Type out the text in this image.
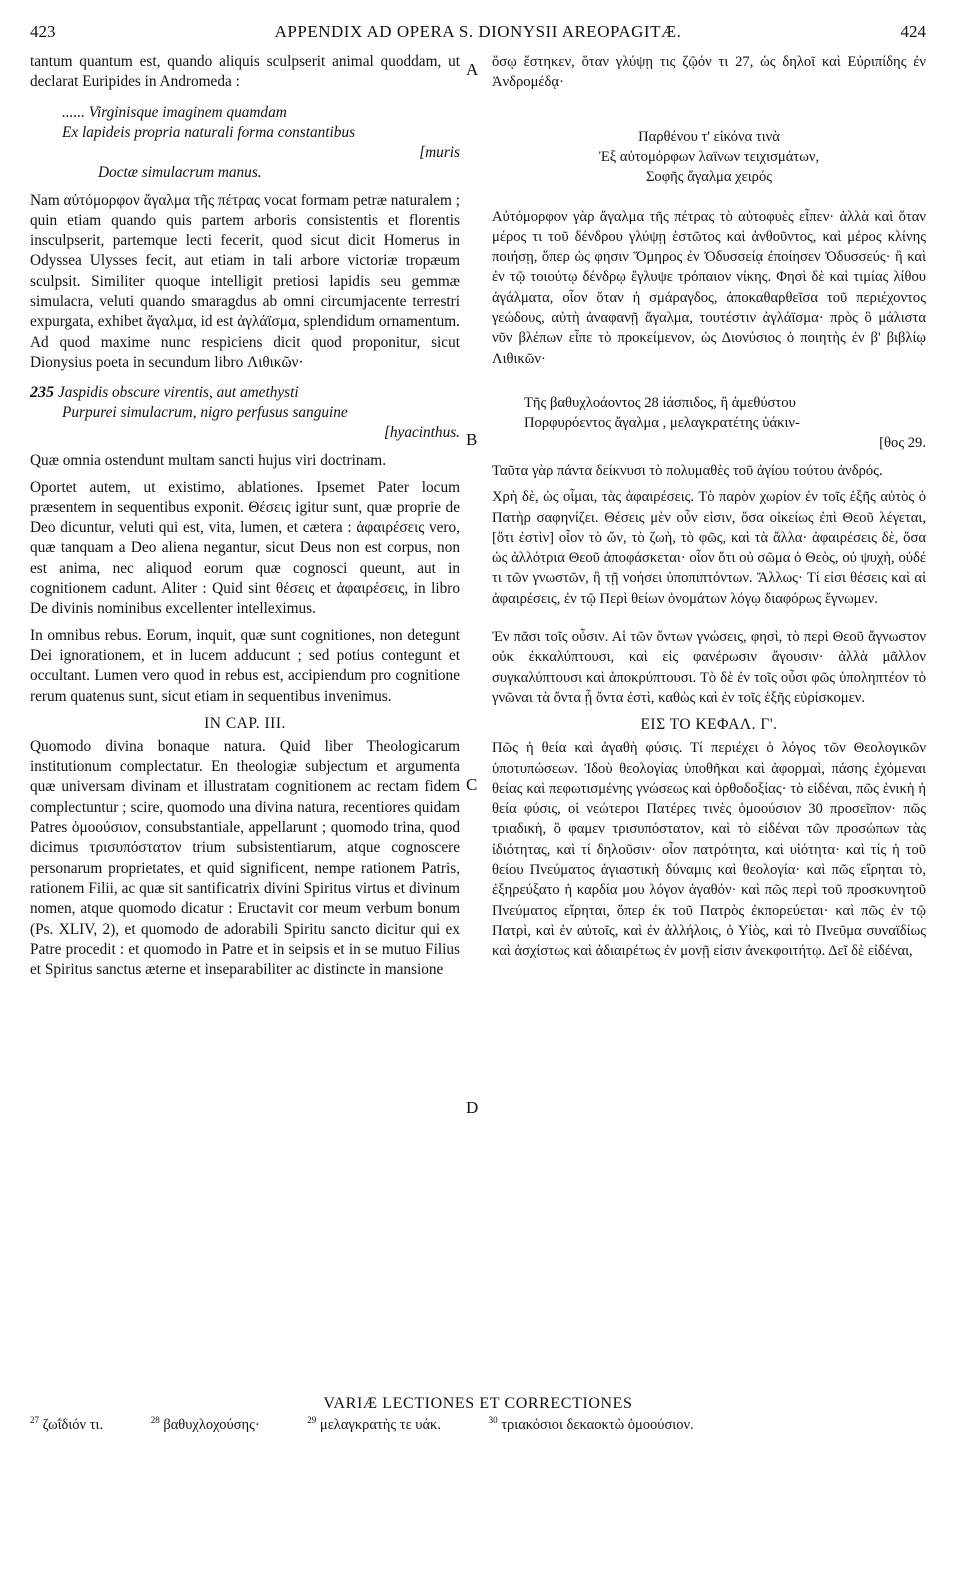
423	APPENDIX AD OPERA S. DIONYSII AREOPAGITÆ.	424
A
B
C
D

tantum quantum est, quando aliquis sculpserit animal quoddam, ut declarat Euripides in Andromeda :

...... Virginisque imaginem quamdam
Ex lapideis propria naturali forma constantibus
[muris
Doctæ simulacrum manus.

Nam αὐτόμορφον ἄγαλμα τῆς πέτρας vocat formam petræ naturalem ; quin etiam quando quis partem arboris consistentis et florentis insculpserit, partemque lecti fecerit, quod sicut dicit Homerus in Odyssea Ulysses fecit, aut etiam in tali arbore victoriæ tropæum sculpsit. Similiter quoque intelligit pretiosi lapidis seu gemmæ simulacra, veluti quando smaragdus ab omni circumjacente terrestri expurgata, exhibet ἄγαλμα, id est ἀγλάϊσμα, splendidum ornamentum. Ad quod maxime nunc respiciens dicit quod proponitur, sicut Dionysius poeta in secundum libro Λιθικῶν·

235 Jaspidis obscure virentis, aut amethysti
Purpurei simulacrum, nigro perfusus sanguine
[hyacinthus.

Quæ omnia ostendunt multam sancti hujus viri doctrinam.

Oportet autem, ut existimo, ablationes. Ipsemet Pater locum præsentem in sequentibus exponit. Θέσεις igitur sunt, quæ proprie de Deo dicuntur, veluti qui est, vita, lumen, et cætera : ἀφαιρέσεις vero, quæ tanquam a Deo aliena negantur, sicut Deus non est corpus, non est anima, nec aliquod eorum quæ cognosci queunt, aut in cognitionem cadunt. Aliter : Quid sint θέσεις et ἀφαιρέσεις, in libro De divinis nominibus excellenter intelleximus.

In omnibus rebus. Eorum, inquit, quæ sunt cognitiones, non detegunt Dei ignorationem, et in lucem adducunt ; sed potius contegunt et occultant. Lumen vero quod in rebus est, accipiendum pro cognitione rerum quatenus sunt, sicut etiam in sequentibus invenimus.

IN CAP. III.

Quomodo divina bonaque natura. Quid liber Theologicarum institutionum complectatur. En theologiæ subjectum et argumenta quæ universam divinam et illustratam cognitionem ac rectam fidem complectuntur ; scire, quomodo una divina natura, recentiores quidam Patres ὁμοούσιον, consubstantiale, appellarunt ; quomodo trina, quod dicimus τρισυπόστατον trium subsistentiarum, atque cognoscere personarum proprietates, et quid significent, nempe rationem Patris, rationem Filii, ac quæ sit santificatrix divini Spiritus virtus et divinum nomen, atque quomodo dicatur : Eructavit cor meum verbum bonum (Ps. XLIV, 2), et quomodo de adorabili Spiritu sancto dicitur qui ex Patre procedit : et quomodo in Patre et in seipsis et in se mutuo Filius et Spiritus sanctus æterne et inseparabiliter ac distincte in mansione

ὅσῳ ἕστηκεν, ὅταν γλύψῃ τις ζῷόν τι 27, ὡς δηλοῖ καὶ Εὐριπίδης ἐν Ἀνδρομέδᾳ·

Παρθένου τ' εἰκόνα τινὰ
Ἐξ αὐτομόρφων λαϊνων τειχισμάτων,
Σοφῆς ἄγαλμα χειρός

Αὐτόμορφον γὰρ ἄγαλμα τῆς πέτρας τὸ αὐτοφυὲς εἶπεν· ἀλλὰ καὶ ὅταν μέρος τι τοῦ δένδρου γλύψῃ ἑστῶτος καὶ ἀνθοῦντος, καὶ μέρος κλίνης ποιήσῃ, ὅπερ ὡς φησιν Ὅμηρος ἐν Ὀδυσσείᾳ ἐποίησεν Ὀδυσσεύς· ἢ καὶ ἐν τῷ τοιούτῳ δένδρῳ ἔγλυψε τρόπαιον νίκης. Φησὶ δὲ καὶ τιμίας λίθου ἀγάλματα, οἷον ὅταν ἡ σμάραγδος, ἀποκαθαρθεῖσα τοῦ περιέχοντος γεώδους, αὐτὴ ἀναφανῇ ἄγαλμα, τουτέστιν ἀγλάϊσμα· πρὸς ὃ μάλιστα νῦν βλέπων εἶπε τὸ προκείμενον, ὡς Διονύσιος ὁ ποιητὴς ἐν β' βιβλίῳ Λιθικῶν·

Τῆς βαθυχλοάοντος 28 ἰάσπιδος, ἢ ἀμεθύστου
Πορφυρόεντος ἄγαλμα , μελαγκρατέτης ὑάκιν-
[θος 29.

Ταῦτα γὰρ πάντα δείκνυσι τὸ πολυμαθὲς τοῦ ἁγίου τούτου ἀνδρός.

Χρὴ δὲ, ὡς οἶμαι, τὰς ἀφαιρέσεις. Τὸ παρὸν χωρίον ἐν τοῖς ἑξῆς αὐτὸς ὁ Πατὴρ σαφηνίζει. Θέσεις μὲν οὖν εἰσιν, ὅσα οἰκείως ἐπὶ Θεοῦ λέγεται, [ὅτι ἐστὶν] οἷον τὸ ὤν, τὸ ζωὴ, τὸ φῶς, καὶ τὰ ἄλλα· ἀφαιρέσεις δὲ, ὅσα ὡς ἀλλότρια Θεοῦ ἀποφάσκεται· οἷον ὅτι οὐ σῶμα ὁ Θεὸς, οὐ ψυχὴ, οὐδέ τι τῶν γνωστῶν, ἢ τῇ νοήσει ὑποπιπτόντων. Ἄλλως· Τί εἰσι θέσεις καὶ αἱ ἀφαιρέσεις, ἐν τῷ Περὶ θείων ὀνομάτων λόγῳ διαφόρως ἔγνωμεν.

Ἐν πᾶσι τοῖς οὖσιν. Αἱ τῶν ὄντων γνώσεις, φησὶ, τὸ περὶ Θεοῦ ἄγνωστον οὐκ ἐκκαλύπτουσι, καὶ εἰς φανέρωσιν ἄγουσιν· ἀλλὰ μᾶλλον συγκαλύπτουσι καὶ ἀποκρύπτουσι. Τὸ δὲ ἐν τοῖς οὖσι φῶς ὑποληπτέον τὸ γνῶναι τὰ ὄντα ᾗ ὄντα ἐστὶ, καθὼς καὶ ἐν τοῖς ἑξῆς εὑρίσκομεν.

ΕΙΣ ΤΟ ΚΕΦΑΛ. Γ'.

Πῶς ἡ θεία καὶ ἀγαθὴ φύσις. Τί περιέχει ὁ λόγος τῶν Θεολογικῶν ὑποτυπώσεων. Ἰδοὺ θεολογίας ὑποθῆκαι καὶ ἀφορμαὶ, πάσης ἐχόμεναι θείας καὶ πεφωτισμένης γνώσεως καὶ ὀρθοδοξίας· τὸ εἰδέναι, πῶς ἑνικὴ ἡ θεία φύσις, οἱ νεώτεροι Πατέρες τινὲς ὁμοούσιον 30 προσεῖπον· πῶς τριαδικὴ, ὃ φαμεν τρισυπόστατον, καὶ τὸ εἰδέναι τῶν προσώπων τὰς ἰδιότητας, καὶ τί δηλοῦσιν· οἷον πατρότητα, καὶ υἱότητα· καὶ τίς ἡ τοῦ θείου Πνεύματος ἁγιαστικὴ δύναμις καὶ θεολογία· καὶ πῶς εἴρηται τὸ, ἐξηρεύξατο ἡ καρδία μου λόγον ἀγαθόν· καὶ πῶς περὶ τοῦ προσκυνητοῦ Πνεύματος εἴρηται, ὅπερ ἐκ τοῦ Πατρὸς ἐκπορεύεται· καὶ πῶς ἐν τῷ Πατρὶ, καὶ ἐν αὐτοῖς, καὶ ἐν ἀλλήλοις, ὁ Υἱὸς, καὶ τὸ Πνεῦμα συναϊδίως καὶ ἀσχίστως καὶ ἀδιαιρέτως ἐν μονῇ εἰσιν ἀνεκφοιτήτῳ. Δεῖ δὲ εἰδέναι,

VARIÆ LECTIONES ET CORRECTIONES
$^{27}$ ζωΐδιόν τι.	$^{28}$ βαθυχλοχούσης·	$^{29}$ μελαγκρατὴς τε υάκ.	$^{30}$ τριακόσιοι δεκαοκτὼ ὁμοούσιον.
